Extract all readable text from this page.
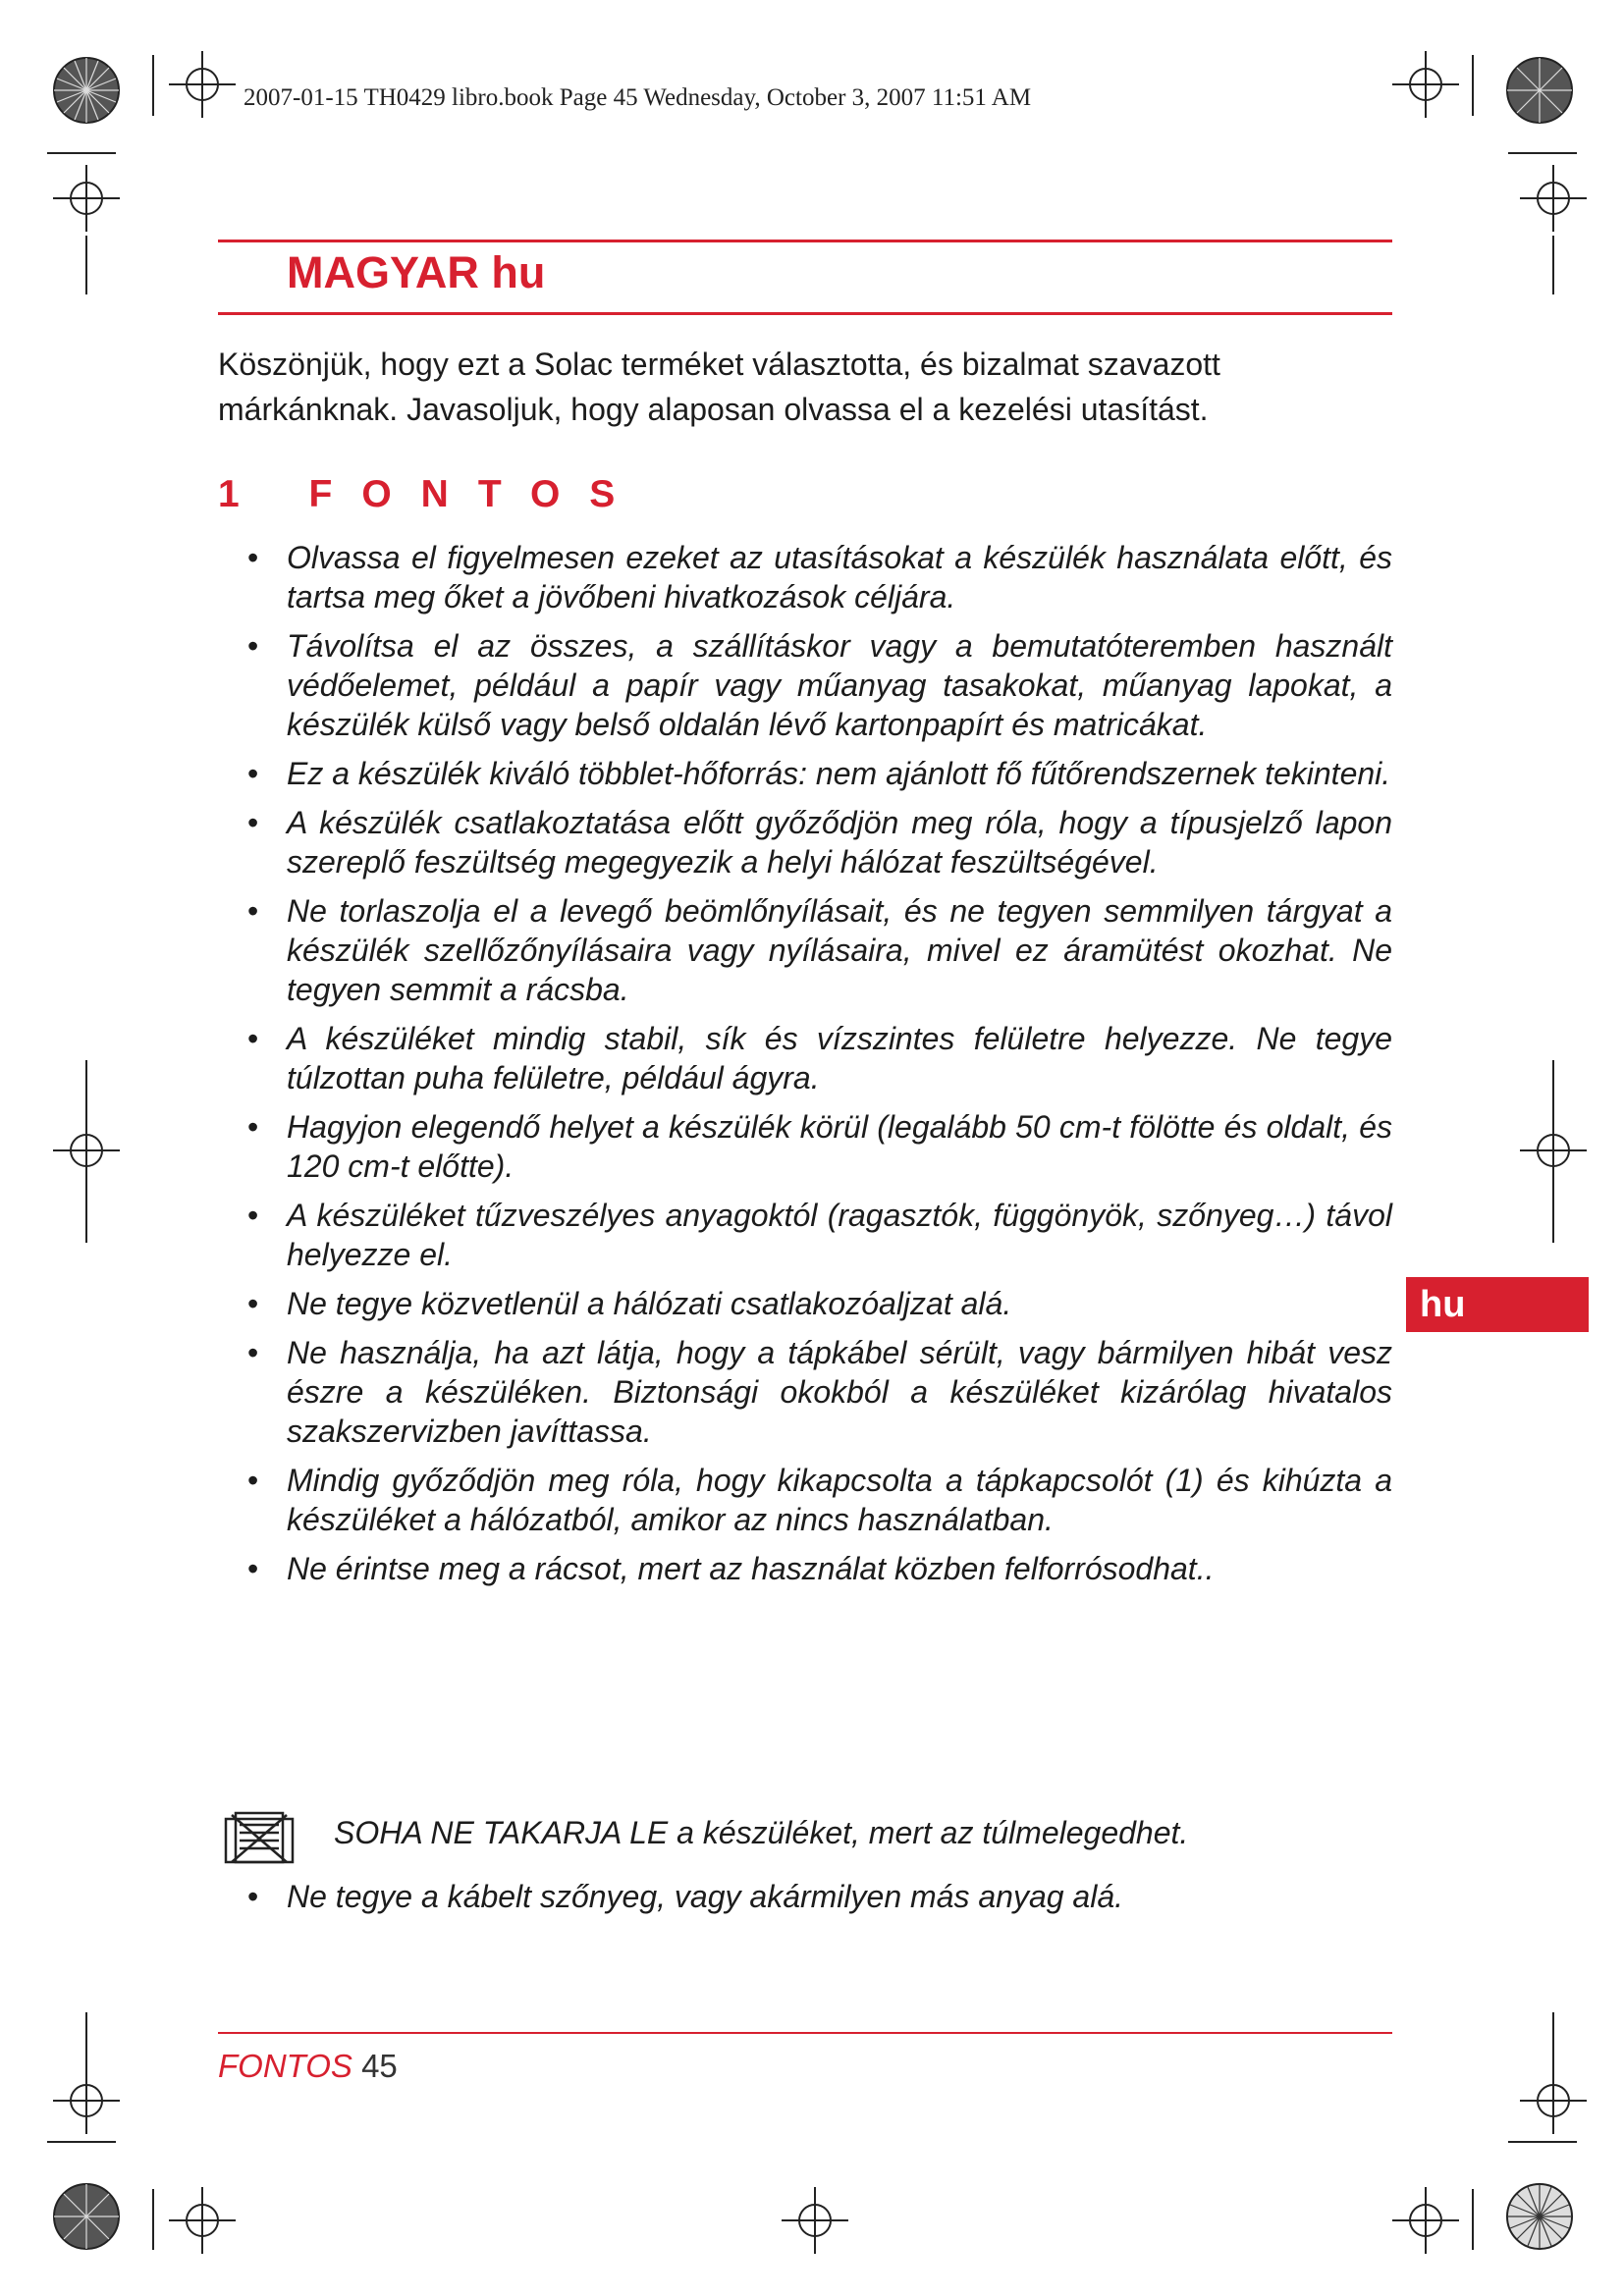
2007-01-15 TH0429 libro.book Page 45 Wednesday, October 3, 2007 11:51 AM
MAGYAR hu
Köszönjük, hogy ezt a Solac terméket választotta, és bizalmat szavazott márkánknak. Javasoljuk, hogy alaposan olvassa el a kezelési utasítást.
1 FONTOS
• Olvassa el figyelmesen ezeket az utasításokat a készülék használata előtt, és tartsa meg őket a jövőbeni hivatkozások céljára.
• Távolítsa el az összes, a szállításkor vagy a bemutatóteremben használt védőelemet, például a papír vagy műanyag tasakokat, műanyag lapokat, a készülék külső vagy belső oldalán lévő kartonpapírt és matricákat.
• Ez a készülék kiváló többlet-hőforrás: nem ajánlott fő fűtőrendszernek tekinteni.
• A készülék csatlakoztatása előtt győződjön meg róla, hogy a típusjelző lapon szereplő feszültség megegyezik a helyi hálózat feszültségével.
• Ne torlaszolja el a levegő beömlőnyílásait, és ne tegyen semmilyen tárgyat a készülék szellőzőnyílásaira vagy nyílásaira, mivel ez áramütést okozhat. Ne tegyen semmit a rácsba.
• A készüléket mindig stabil, sík és vízszintes felületre helyezze. Ne tegye túlzottan puha felületre, például ágyra.
• Hagyjon elegendő helyet a készülék körül (legalább 50 cm-t fölötte és oldalt, és 120 cm-t előtte).
• A készüléket tűzveszélyes anyagoktól (ragasztók, függönyök, szőnyeg…) távol helyezze el.
• Ne tegye közvetlenül a hálózati csatlakozóaljzat alá.
• Ne használja, ha azt látja, hogy a tápkábel sérült, vagy bármilyen hibát vesz észre a készüléken. Biztonsági okokból a készüléket kizárólag hivatalos szakszervizben javíttassa.
• Mindig győződjön meg róla, hogy kikapcsolta a tápkapcsolót (1) és kihúzta a készüléket a hálózatból, amikor az nincs használatban.
• Ne érintse meg a rácsot, mert az használat közben felforrósodhat..
SOHA NE TAKARJA LE a készüléket, mert az túlmelegedhet.
• Ne tegye a kábelt szőnyeg, vagy akármilyen más anyag alá.
FONTOS 45
hu
